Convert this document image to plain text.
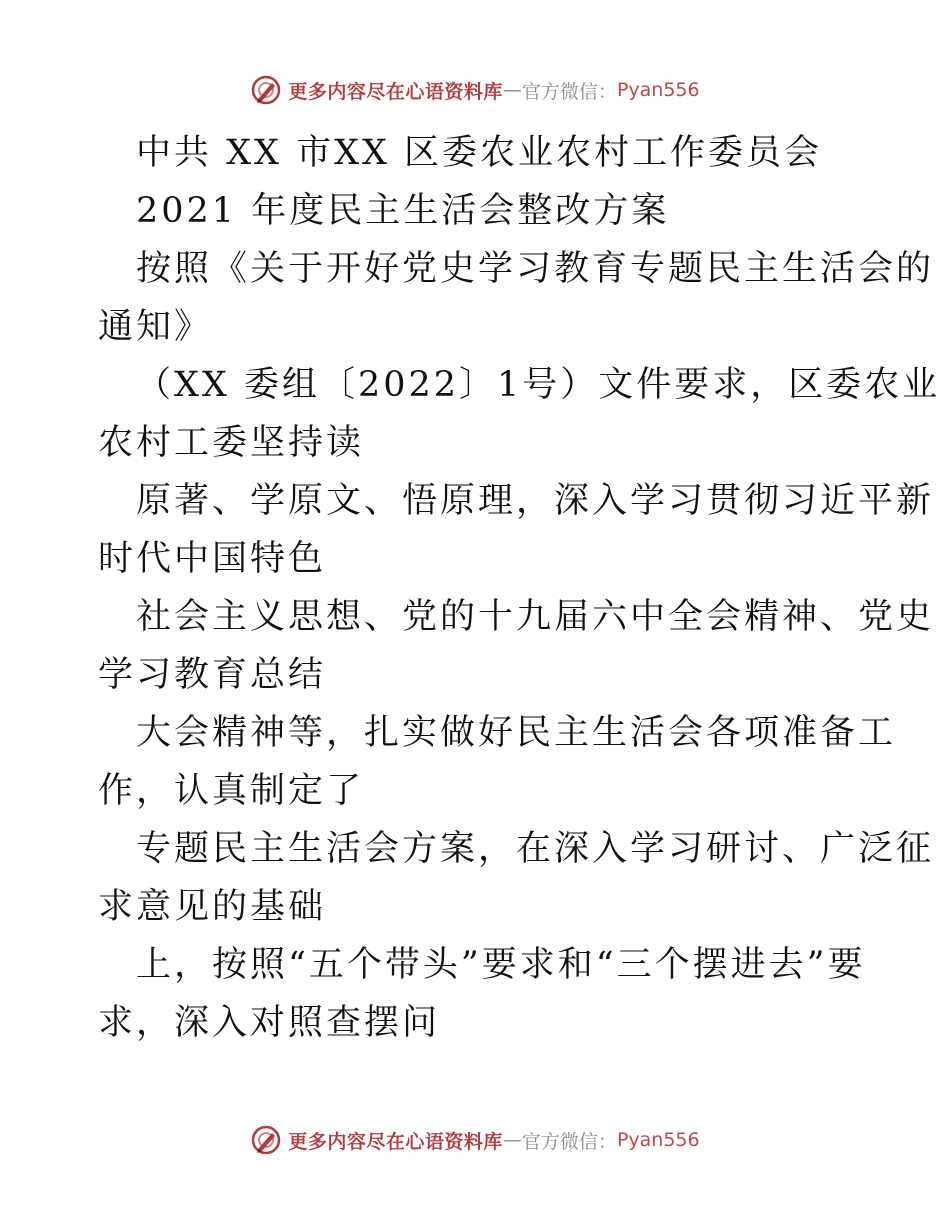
更多内容尽在心语资料库 — 官方微信： Pyan556
中共 XX 市XX 区委农业农村工作委员会
2021 年度民主生活会整改方案
按照《关于开好党史学习教育专题民主生活会的
通知》
（XX 委组〔2022〕1号）文件要求，区委农业
农村工委坚持读
原著、学原文、悟原理，深入学习贯彻习近平新
时代中国特色
社会主义思想、党的十九届六中全会精神、党史
学习教育总结
大会精神等，扎实做好民主生活会各项准备工
作，认真制定了
专题民主生活会方案，在深入学习研讨、广泛征
求意见的基础
上，按照“五个带头”要求和“三个摆进去”要
求，深入对照查摆问
更多内容尽在心语资料库 — 官方微信： Pyan556
